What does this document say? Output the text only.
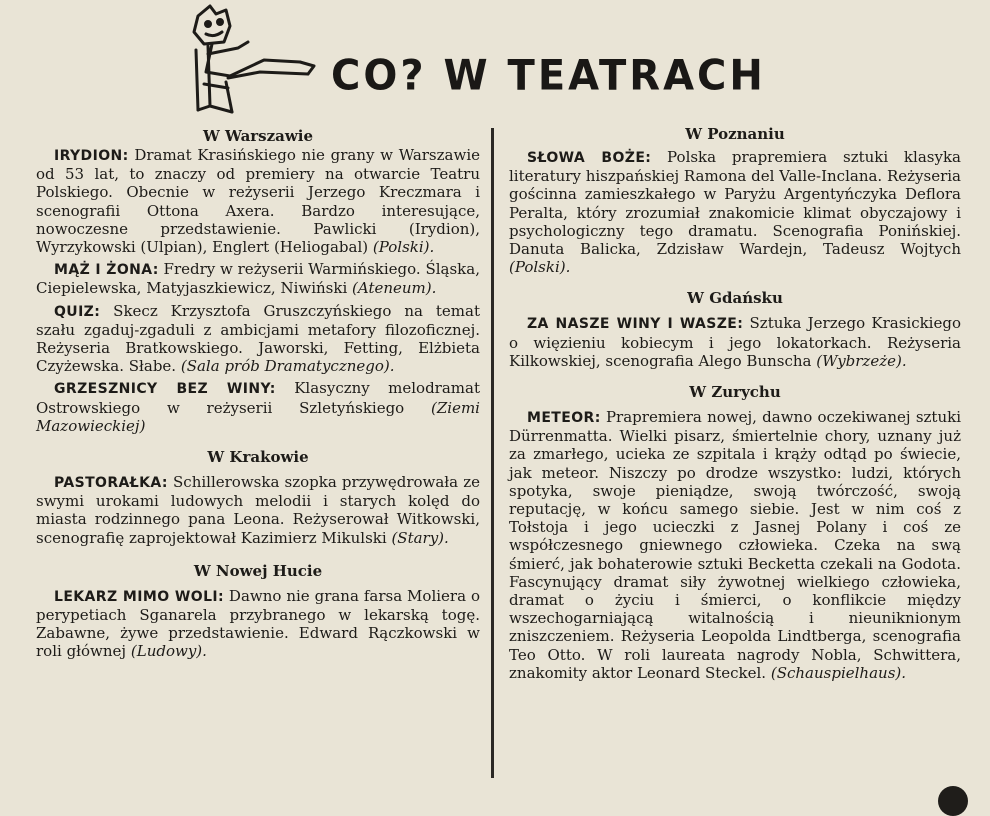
CO? W TEATRACH
W Warszawie

IRYDION: Dramat Krasińskiego nie grany w Warszawie od 53 lat, to znaczy od premiery na otwarcie Teatru Polskiego. Obecnie w reżyserii Jerzego Kreczmara i scenografii Ottona Axera. Bardzo interesujące, nowoczesne przedstawienie. Pawlicki (Irydion), Wyrzykowski (Ulpian), Englert (Heliogabal) (Polski).

MĄŻ I ŻONA: Fredry w reżyserii Warmińskiego. Śląska, Ciepielewska, Matyjaszkiewicz, Niwiński (Ateneum).

QUIZ: Skecz Krzysztofa Gruszczyńskiego na temat szału zgaduj-zgaduli z ambicjami metafory filozoficznej. Reżyseria Bratkowskiego. Jaworski, Fetting, Elżbieta Czyżewska. Słabe. (Sala prób Dramatycznego).

GRZESZNICY BEZ WINY: Klasyczny melodramat Ostrowskiego w reżyserii Szletyńskiego (Ziemi Mazowieckiej)

W Krakowie

PASTORAŁKA: Schillerowska szopka przywędrowała ze swymi urokami ludowych melodii i starych kolęd do miasta rodzinnego pana Leona. Reżyserował Witkowski, scenografię zaprojektował Kazimierz Mikulski (Stary).

W Nowej Hucie

LEKARZ MIMO WOLI: Dawno nie grana farsa Moliera o perypetiach Sganarela przybranego w lekarską togę. Zabawne, żywe przedstawienie. Edward Rączkowski w roli głównej (Ludowy).

W Poznaniu

SŁOWA BOŻE: Polska prapremiera sztuki klasyka literatury hiszpańskiej Ramona del Valle-Inclana. Reżyseria gościnna zamieszkałego w Paryżu Argentyńczyka Deflora Peralta, który zrozumiał znakomicie klimat obyczajowy i psychologiczny tego dramatu. Scenografia Ponińskiej. Danuta Balicka, Zdzisław Wardejn, Tadeusz Wojtych (Polski).

W Gdańsku

ZA NASZE WINY I WASZE: Sztuka Jerzego Krasickiego o więzieniu kobiecym i jego lokatorkach. Reżyseria Kilkowskiej, scenografia Alego Bunscha (Wybrzeże).

W Zurychu

METEOR: Prapremiera nowej, dawno oczekiwanej sztuki Dürrenmatta. Wielki pisarz, śmiertelnie chory, uznany już za zmarłego, ucieka ze szpitala i krąży odtąd po świecie, jak meteor. Niszczy po drodze wszystko: ludzi, których spotyka, swoje pieniądze, swoją twórczość, swoją reputację, w końcu samego siebie. Jest w nim coś z Tołstoja i jego ucieczki z Jasnej Polany i coś ze współczesnego gniewnego człowieka. Czeka na swą śmierć, jak bohaterowie sztuki Becketta czekali na Godota. Fascynujący dramat siły żywotnej wielkiego człowieka, dramat o życiu i śmierci, o konflikcie między wszechogarniającą witalnością i nieuniknionym zniszczeniem. Reżyseria Leopolda Lindtberga, scenografia Teo Otto. W roli laureata nagrody Nobla, Schwittera, znakomity aktor Leonard Steckel. (Schauspielhaus).
